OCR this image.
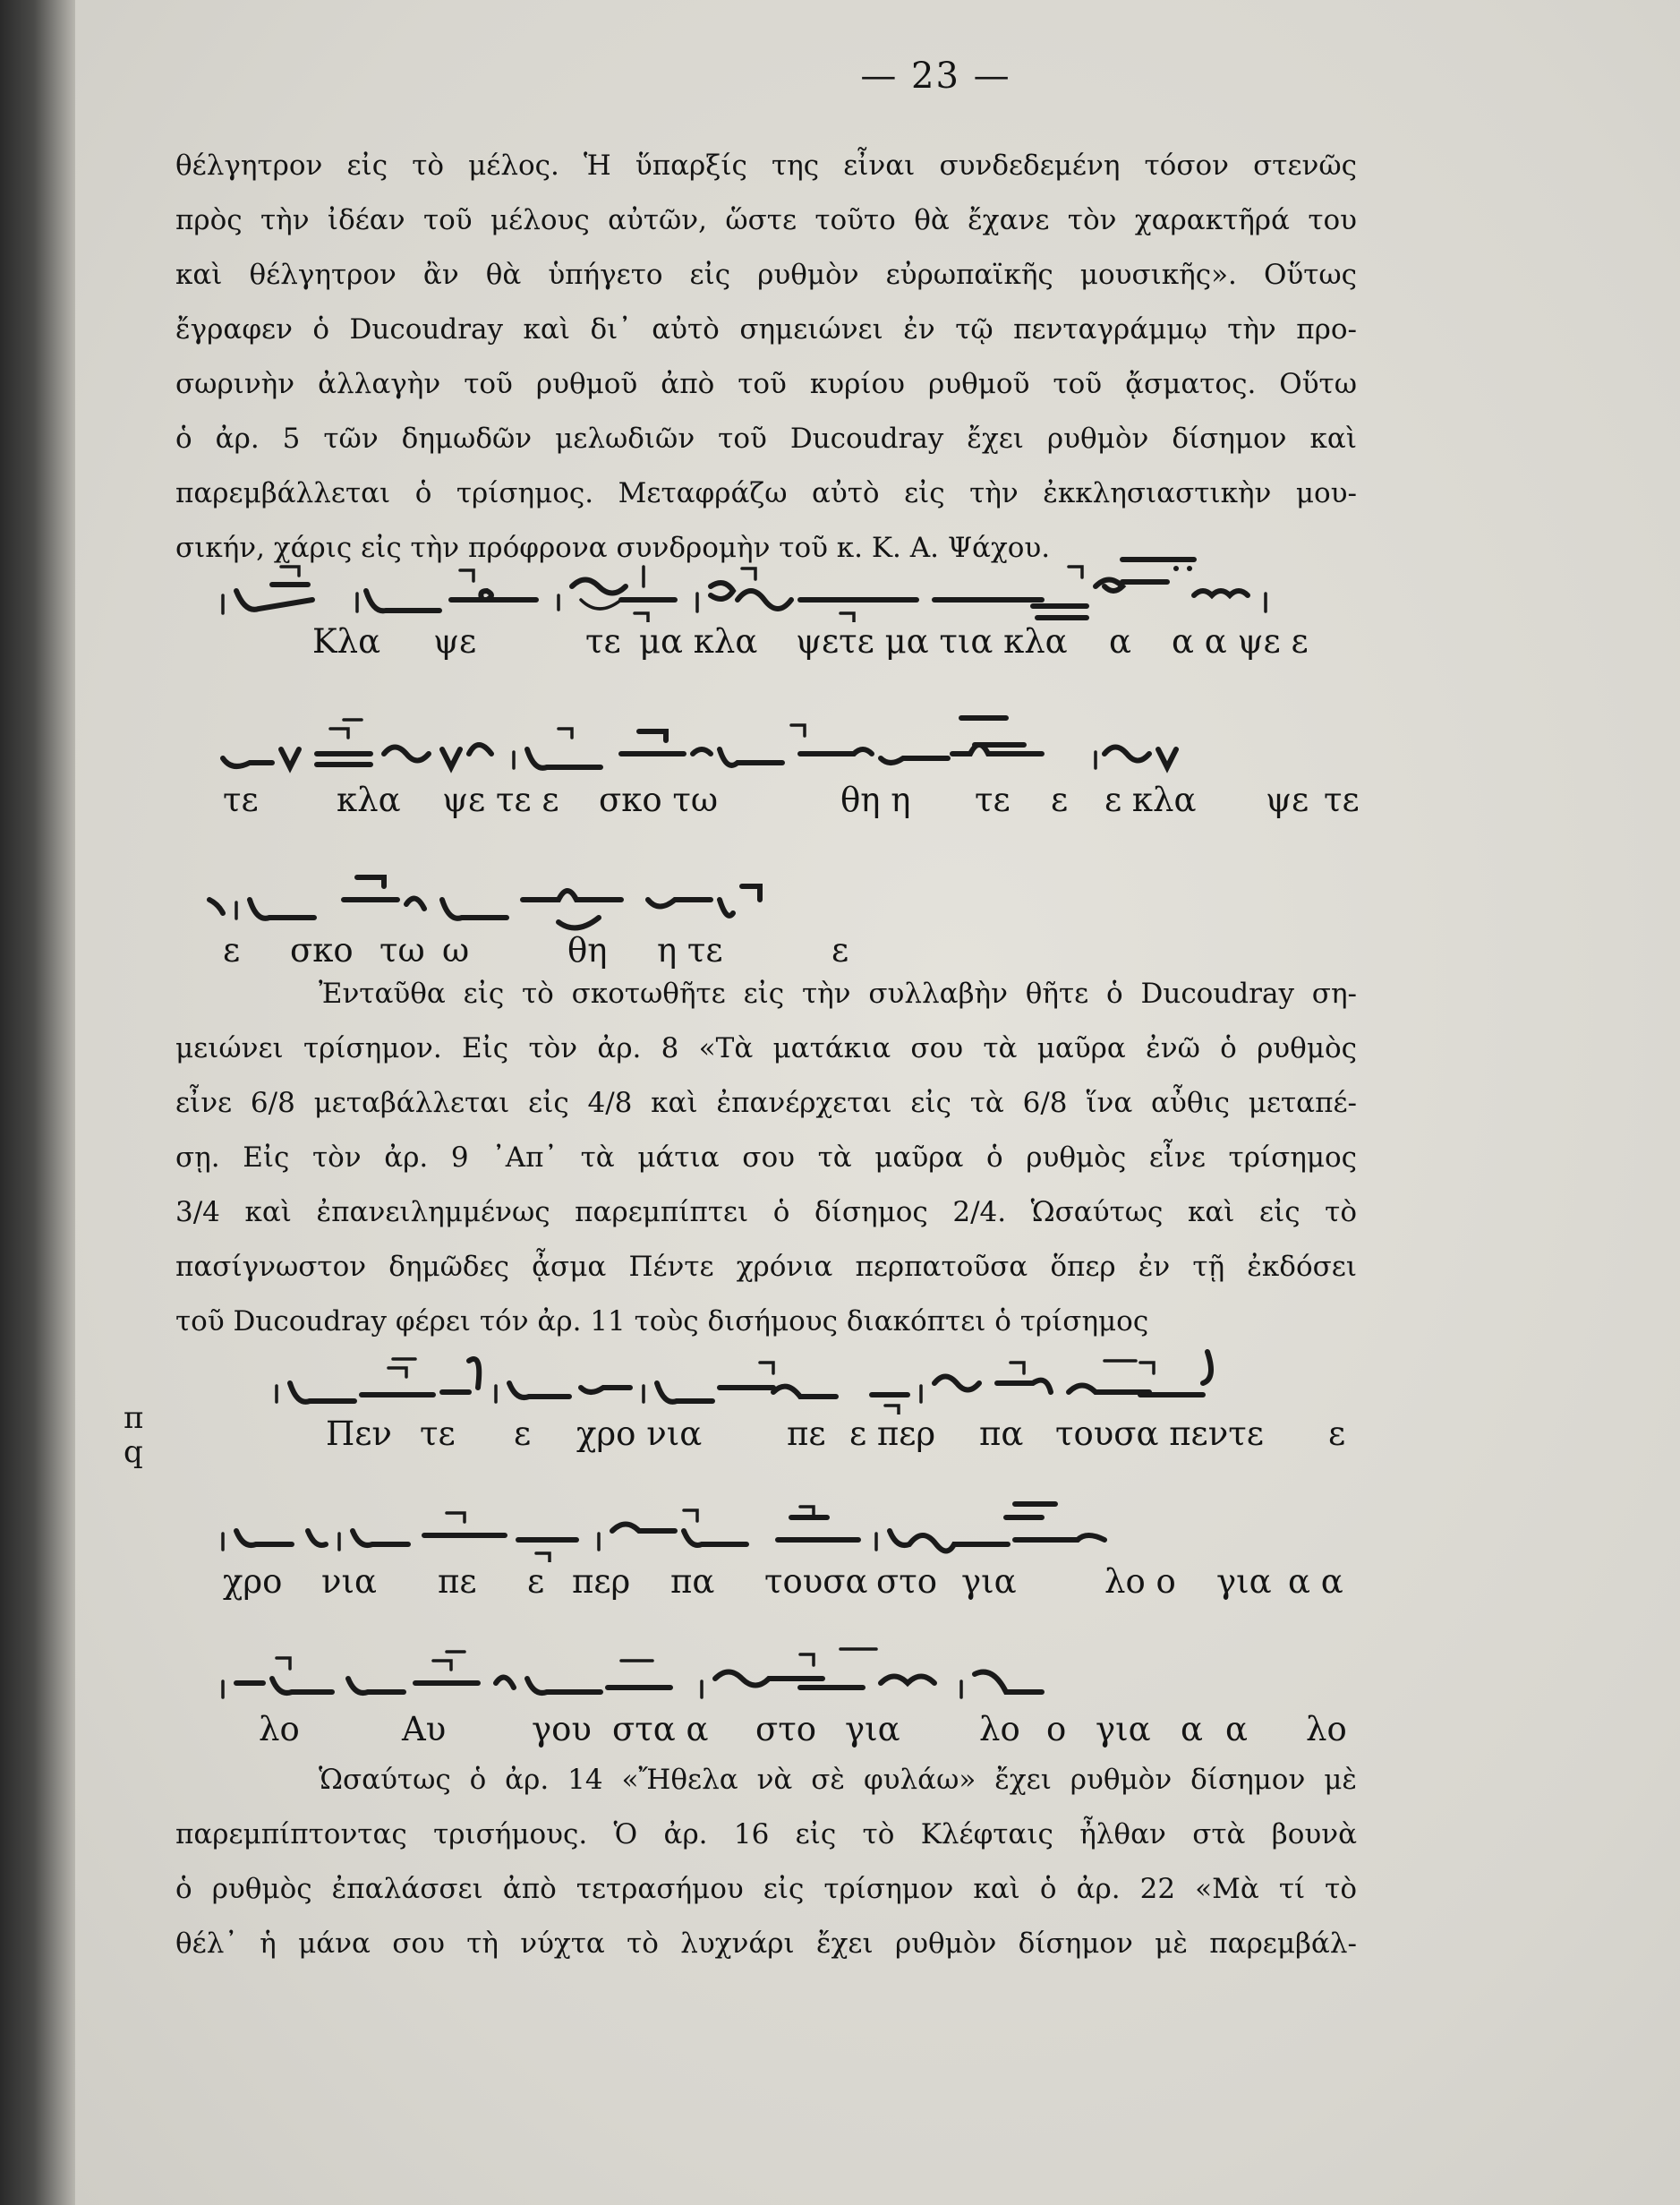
— 23 —
θέλγητρον εἰς τὸ μέλος. Ἡ ὕπαρξίς της εἶναι συνδεδεμένη τόσον στενῶς
πρὸς τὴν ἰδέαν τοῦ μέλους αὐτῶν, ὥστε τοῦτο θὰ ἔχανε τὸν χαρακτῆρά του
καὶ θέλγητρον ἂν θὰ ὑπήγετο εἰς ρυθμὸν εὐρωπαϊκῆς μουσικῆς». Οὕτως
ἔγραφεν ὁ Ducoudray καὶ δι᾽ αὐτὸ σημειώνει ἐν τῷ πενταγράμμῳ τὴν προ-
σωρινὴν ἀλλαγὴν τοῦ ρυθμοῦ ἀπὸ τοῦ κυρίου ρυθμοῦ τοῦ ᾄσματος. Οὕτω
ὁ ἀρ. 5 τῶν δημωδῶν μελωδιῶν τοῦ Ducoudray ἔχει ρυθμὸν δίσημον καὶ
παρεμβάλλεται ὁ τρίσημος. Μεταφράζω αὐτὸ εἰς τὴν ἐκκλησιαστικὴν μου-
σικήν, χάρις εἰς τὴν πρόφρονα συνδρομὴν τοῦ κ. Κ. Α. Ψάχου.
Κλα ψε	τε μα κλα ψετε μα τια κλα α α α ψε ε
τε κλα ψε τε ε σκο τω	θη η τε ε ε κλα ψε τε
ε σκο τω ω	θη η τε	ε
Ἐνταῦθα εἰς τὸ σκοτωθῆτε εἰς τὴν συλλαβὴν θῆτε ὁ Ducoudray ση-
μειώνει τρίσημον. Εἰς τὸν ἀρ. 8 «Τὰ ματάκια σου τὰ μαῦρα ἐνῶ ὁ ρυθμὸς
εἶνε 6/8 μεταβάλλεται εἰς 4/8 καὶ ἐπανέρχεται εἰς τὰ 6/8 ἵνα αὖθις μεταπέ-
σῃ. Εἰς τὸν ἀρ. 9 ᾽Απ᾽ τὰ μάτια σου τὰ μαῦρα ὁ ρυθμὸς εἶνε τρίσημος
3/4 καὶ ἐπανειλημμένως παρεμπίπτει ὁ δίσημος 2/4. Ὡσαύτως καὶ εἰς τὸ
πασίγνωστον δημῶδες ᾆσμα Πέντε χρόνια περπατοῦσα ὅπερ ἐν τῇ ἐκδόσει
τοῦ Ducoudray φέρει τόν ἀρ. 11 τοὺς δισήμους διακόπτει ὁ τρίσημος
π
q	Πεν τε ε χρο νια	πε ε περ πα τουσα πεντε ε
χρο νια πε ε περ πα τουσα στο για	λο ο για α α
λο	Αυ	γου στα α στο για λο ο για α α λο
Ὡσαύτως ὁ ἀρ. 14 «Ἤθελα νὰ σὲ φυλάω» ἔχει ρυθμὸν δίσημον μὲ
παρεμπίπτοντας τρισήμους. Ὁ ἀρ. 16 εἰς τὸ Κλέφταις ἦλθαν στὰ βουνὰ
ὁ ρυθμὸς ἐπαλάσσει ἀπὸ τετρασήμου εἰς τρίσημον καὶ ὁ ἀρ. 22 «Μὰ τί τὸ
θέλ᾽ ἡ μάνα σου τὴ νύχτα τὸ λυχνάρι ἔχει ρυθμὸν δίσημον μὲ παρεμβάλ-
